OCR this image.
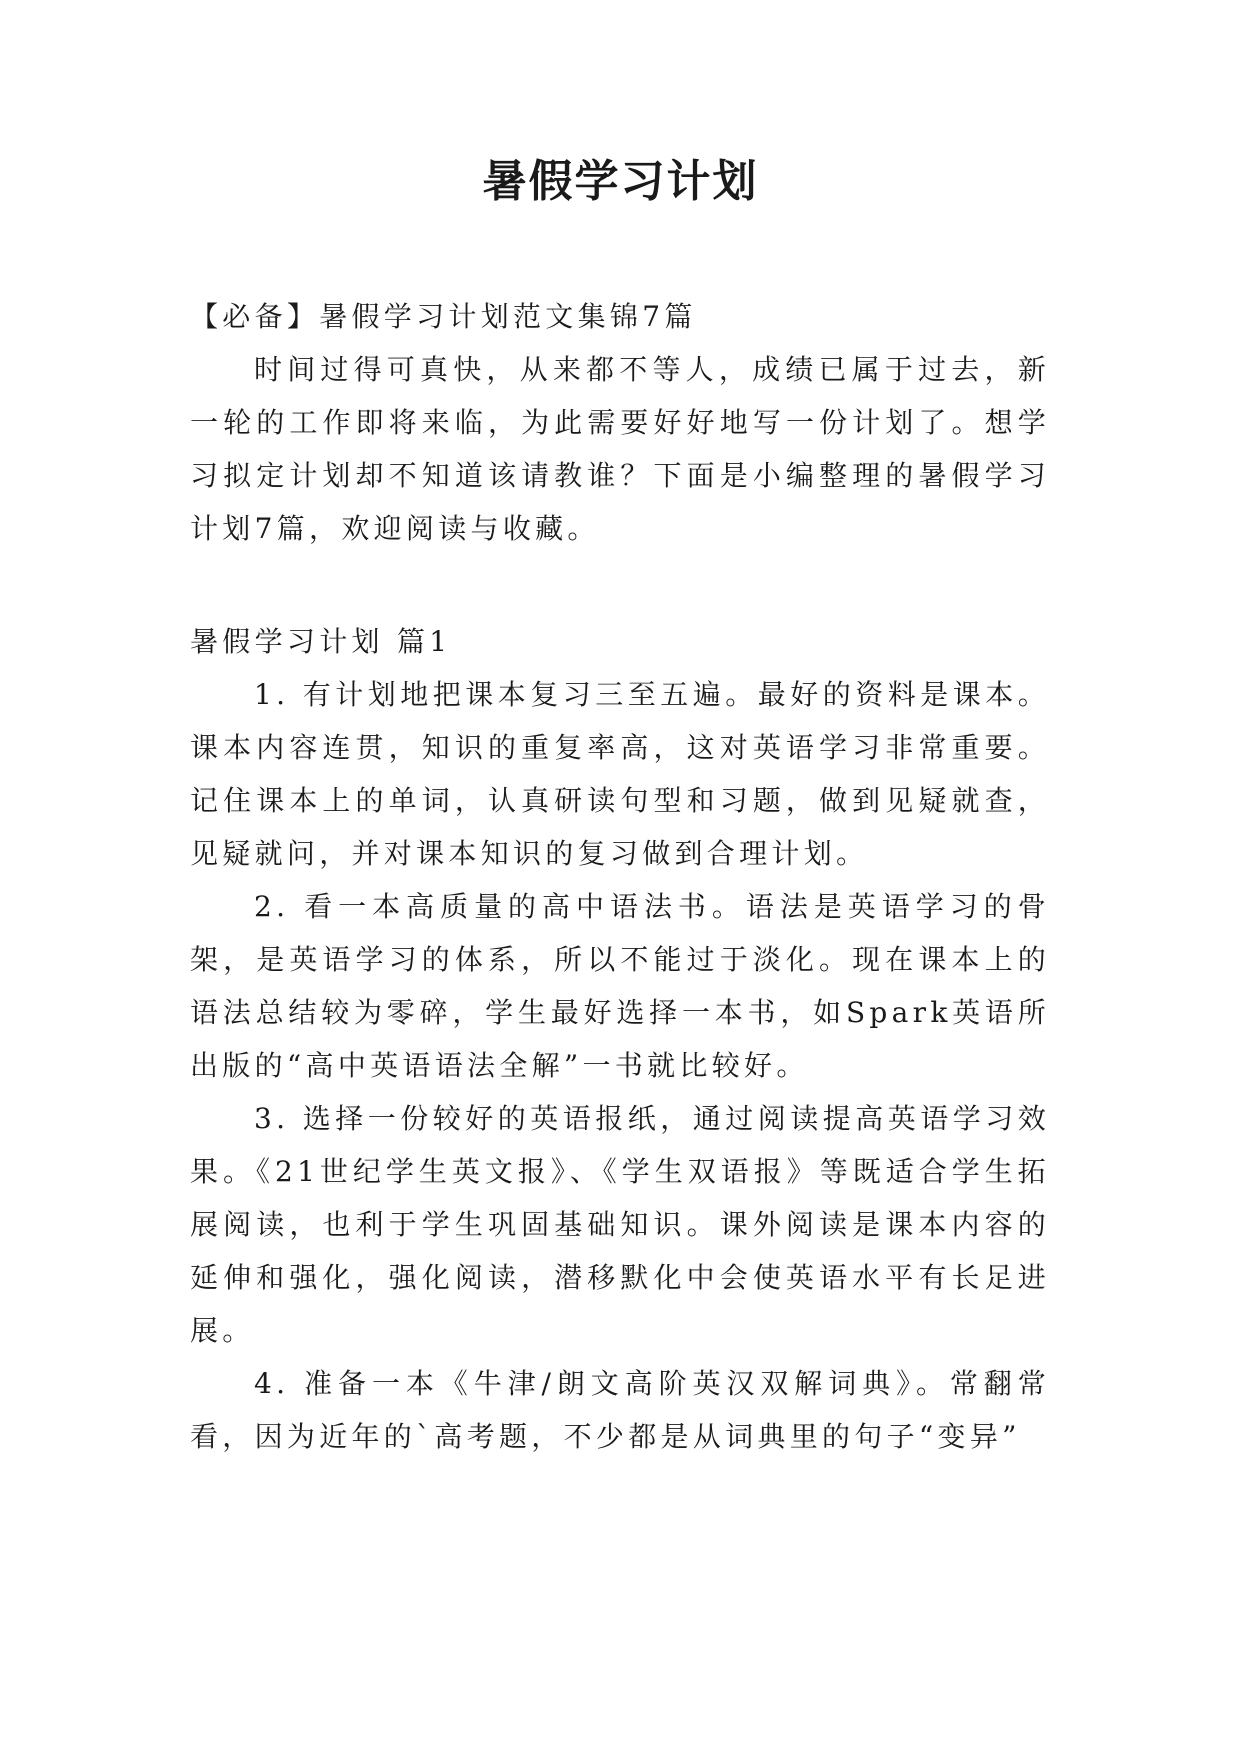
暑假学习计划

【必备】暑假学习计划范文集锦7篇

时间过得可真快，从来都不等人，成绩已属于过去，新一轮的工作即将来临，为此需要好好地写一份计划了。想学习拟定计划却不知道该请教谁？下面是小编整理的暑假学习计划7篇，欢迎阅读与收藏。

暑假学习计划 篇1

1. 有计划地把课本复习三至五遍。最好的资料是课本。课本内容连贯，知识的重复率高，这对英语学习非常重要。记住课本上的单词，认真研读句型和习题，做到见疑就查，见疑就问，并对课本知识的复习做到合理计划。

2. 看一本高质量的高中语法书。语法是英语学习的骨架，是英语学习的体系，所以不能过于淡化。现在课本上的语法总结较为零碎，学生最好选择一本书，如Spark英语所出版的“高中英语语法全解”一书就比较好。

3. 选择一份较好的英语报纸，通过阅读提高英语学习效果。《21世纪学生英文报》、《学生双语报》等既适合学生拓展阅读，也利于学生巩固基础知识。课外阅读是课本内容的延伸和强化，强化阅读，潜移默化中会使英语水平有长足进展。

4. 准备一本《牛津/朗文高阶英汉双解词典》。常翻常看，因为近年的`高考题，不少都是从词典里的句子“变异”
